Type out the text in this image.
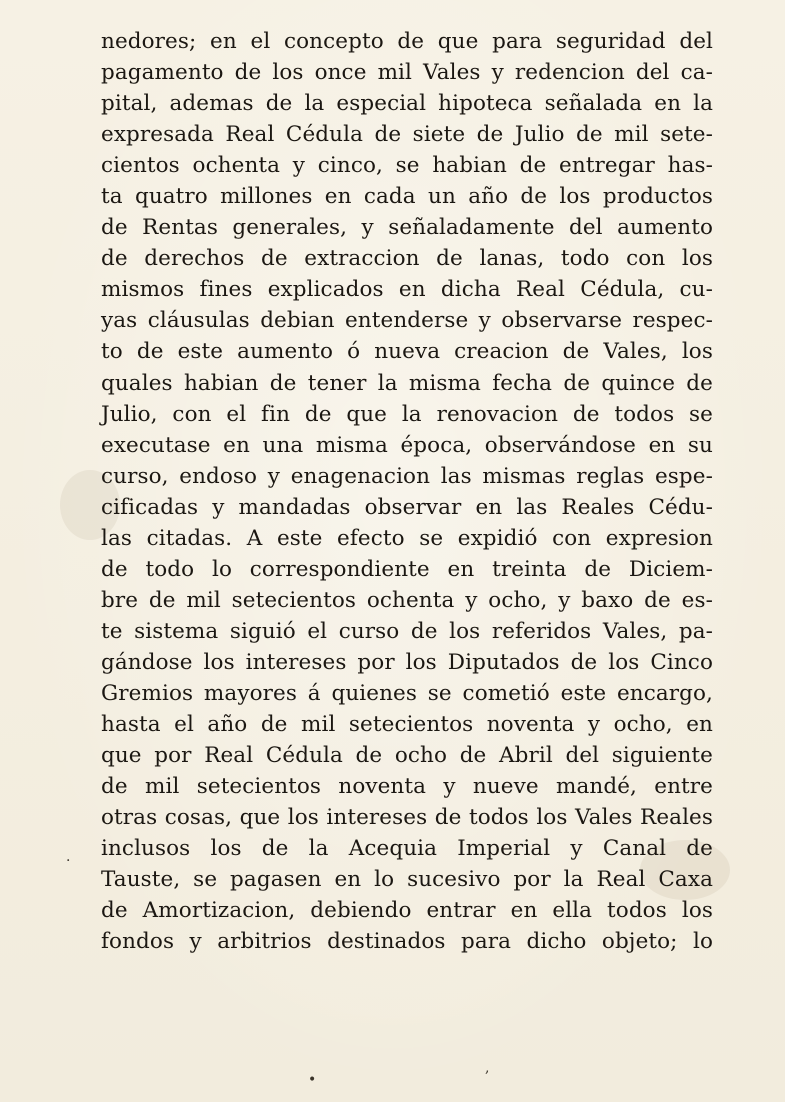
nedores; en el concepto de que para seguridad del
pagamento de los once mil Vales y redencion del ca-
pital, ademas de la especial hipoteca señalada en la
expresada Real Cédula de siete de Julio de mil sete-
cientos ochenta y cinco, se habian de entregar has-
ta quatro millones en cada un año de los productos
de Rentas generales, y señaladamente del aumento
de derechos de extraccion de lanas, todo con los
mismos fines explicados en dicha Real Cédula, cu-
yas cláusulas debian entenderse y observarse respec-
to de este aumento ó nueva creacion de Vales, los
quales habian de tener la misma fecha de quince de
Julio, con el fin de que la renovacion de todos se
executase en una misma época, observándose en su
curso, endoso y enagenacion las mismas reglas espe-
cificadas y mandadas observar en las Reales Cédu-
las citadas. A este efecto se expidió con expresion
de todo lo correspondiente en treinta de Diciem-
bre de mil setecientos ochenta y ocho, y baxo de es-
te sistema siguió el curso de los referidos Vales, pa-
gándose los intereses por los Diputados de los Cinco
Gremios mayores á quienes se cometió este encargo,
hasta el año de mil setecientos noventa y ocho, en
que por Real Cédula de ocho de Abril del siguiente
de mil setecientos noventa y nueve mandé, entre
otras cosas, que los intereses de todos los Vales Reales
inclusos los de la Acequia Imperial y Canal de
Tauste, se pagasen en lo sucesivo por la Real Caxa
de Amortizacion, debiendo entrar en ella todos los
fondos y arbitrios destinados para dicho objeto; lo
•
,
·
